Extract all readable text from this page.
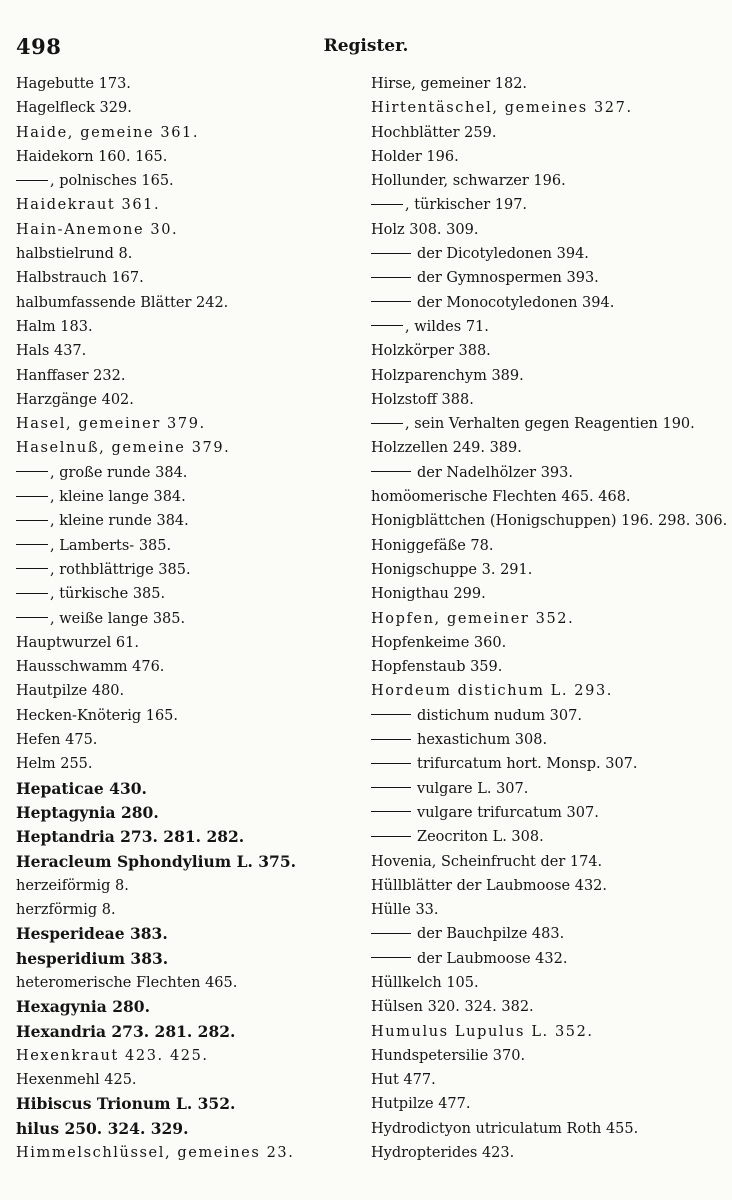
498	Register.
Hagebutte 173.
Hagelfleck 329.
Haide, gemeine 361.
Haidekorn 160. 165.
, polnisches 165.
Haidekraut 361.
Hain-Anemone 30.
halbstielrund 8.
Halbstrauch 167.
halbumfassende Blätter 242.
Halm 183.
Hals 437.
Hanffaser 232.
Harzgänge 402.
Hasel, gemeiner 379.
Haselnuß, gemeine 379.
, große runde 384.
, kleine lange 384.
, kleine runde 384.
, Lamberts- 385.
, rothblättrige 385.
, türkische 385.
, weiße lange 385.
Hauptwurzel 61.
Hausschwamm 476.
Hautpilze 480.
Hecken-Knöterig 165.
Hefen 475.
Helm 255.
Hepaticae 430.
Heptagynia 280.
Heptandria 273. 281. 282.
Heracleum Sphondylium L. 375.
herzeiförmig 8.
herzförmig 8.
Hesperideae 383.
hesperidium 383.
heteromerische Flechten 465.
Hexagynia 280.
Hexandria 273. 281. 282.
Hexenkraut 423. 425.
Hexenmehl 425.
Hibiscus Trionum L. 352.
hilus 250. 324. 329.
Himmelschlüssel, gemeines 23.
Hirse, gemeiner 182.
Hirtentäschel, gemeines 327.
Hochblätter 259.
Holder 196.
Hollunder, schwarzer 196.
, türkischer 197.
Holz 308. 309.
der Dicotyledonen 394.
der Gymnospermen 393.
der Monocotyledonen 394.
, wildes 71.
Holzkörper 388.
Holzparenchym 389.
Holzstoff 388.
, sein Verhalten gegen Reagentien 190.
Holzzellen 249. 389.
der Nadelhölzer 393.
homöomerische Flechten 465. 468.
Honigblättchen (Honigschuppen) 196. 298. 306.
Honiggefäße 78.
Honigschuppe 3. 291.
Honigthau 299.
Hopfen, gemeiner 352.
Hopfenkeime 360.
Hopfenstaub 359.
Hordeum distichum L. 293.
distichum nudum 307.
hexastichum 308.
trifurcatum hort. Monsp. 307.
vulgare L. 307.
vulgare trifurcatum 307.
Zeocriton L. 308.
Hovenia, Scheinfrucht der 174.
Hüllblätter der Laubmoose 432.
Hülle 33.
der Bauchpilze 483.
der Laubmoose 432.
Hüllkelch 105.
Hülsen 320. 324. 382.
Humulus Lupulus L. 352.
Hundspetersilie 370.
Hut 477.
Hutpilze 477.
Hydrodictyon utriculatum Roth 455.
Hydropterides 423.
